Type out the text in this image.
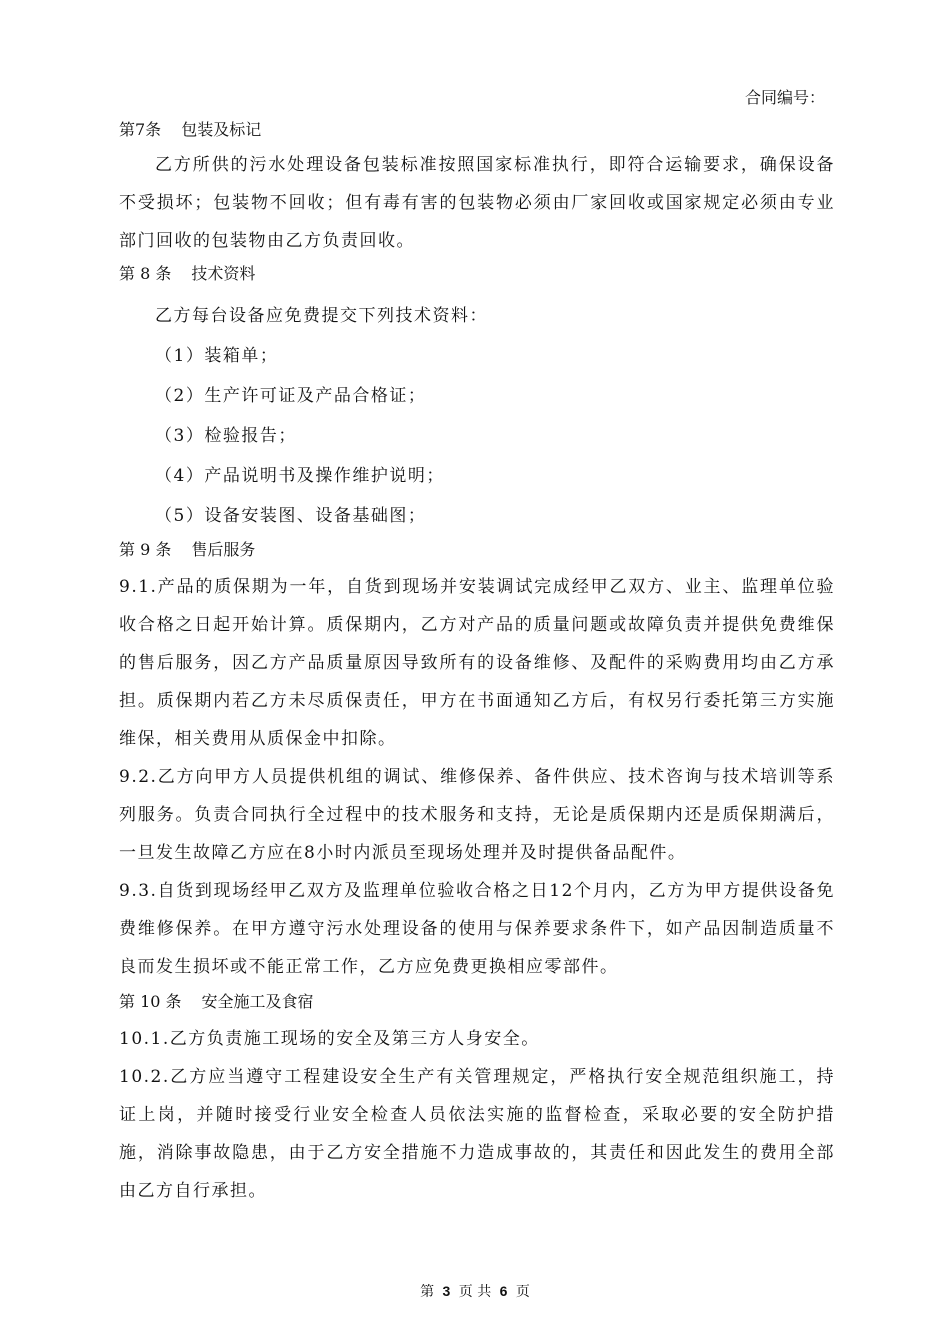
合同编号：
第7条 包装及标记

乙方所供的污水处理设备包装标准按照国家标准执行，即符合运输要求，确保设备不受损坏；包装物不回收；但有毒有害的包装物必须由厂家回收或国家规定必须由专业部门回收的包装物由乙方负责回收。

第 8 条 技术资料
乙方每台设备应免费提交下列技术资料：
（1）装箱单；
（2）生产许可证及产品合格证；
（3）检验报告；
（4）产品说明书及操作维护说明；
（5）设备安装图、设备基础图；
第 9 条 售后服务

9.1.产品的质保期为一年，自货到现场并安装调试完成经甲乙双方、业主、监理单位验收合格之日起开始计算。质保期内，乙方对产品的质量问题或故障负责并提供免费维保的售后服务，因乙方产品质量原因导致所有的设备维修、及配件的采购费用均由乙方承担。质保期内若乙方未尽质保责任，甲方在书面通知乙方后，有权另行委托第三方实施维保，相关费用从质保金中扣除。

9.2.乙方向甲方人员提供机组的调试、维修保养、备件供应、技术咨询与技术培训等系列服务。负责合同执行全过程中的技术服务和支持，无论是质保期内还是质保期满后，一旦发生故障乙方应在8小时内派员至现场处理并及时提供备品配件。

9.3.自货到现场经甲乙双方及监理单位验收合格之日12个月内，乙方为甲方提供设备免费维修保养。在甲方遵守污水处理设备的使用与保养要求条件下，如产品因制造质量不良而发生损坏或不能正常工作，乙方应免费更换相应零部件。

第 10 条 安全施工及食宿

10.1.乙方负责施工现场的安全及第三方人身安全。

10.2.乙方应当遵守工程建设安全生产有关管理规定，严格执行安全规范组织施工，持证上岗，并随时接受行业安全检查人员依法实施的监督检查，采取必要的安全防护措施，消除事故隐患，由于乙方安全措施不力造成事故的，其责任和因此发生的费用全部由乙方自行承担。

第 3 页 共 6 页
